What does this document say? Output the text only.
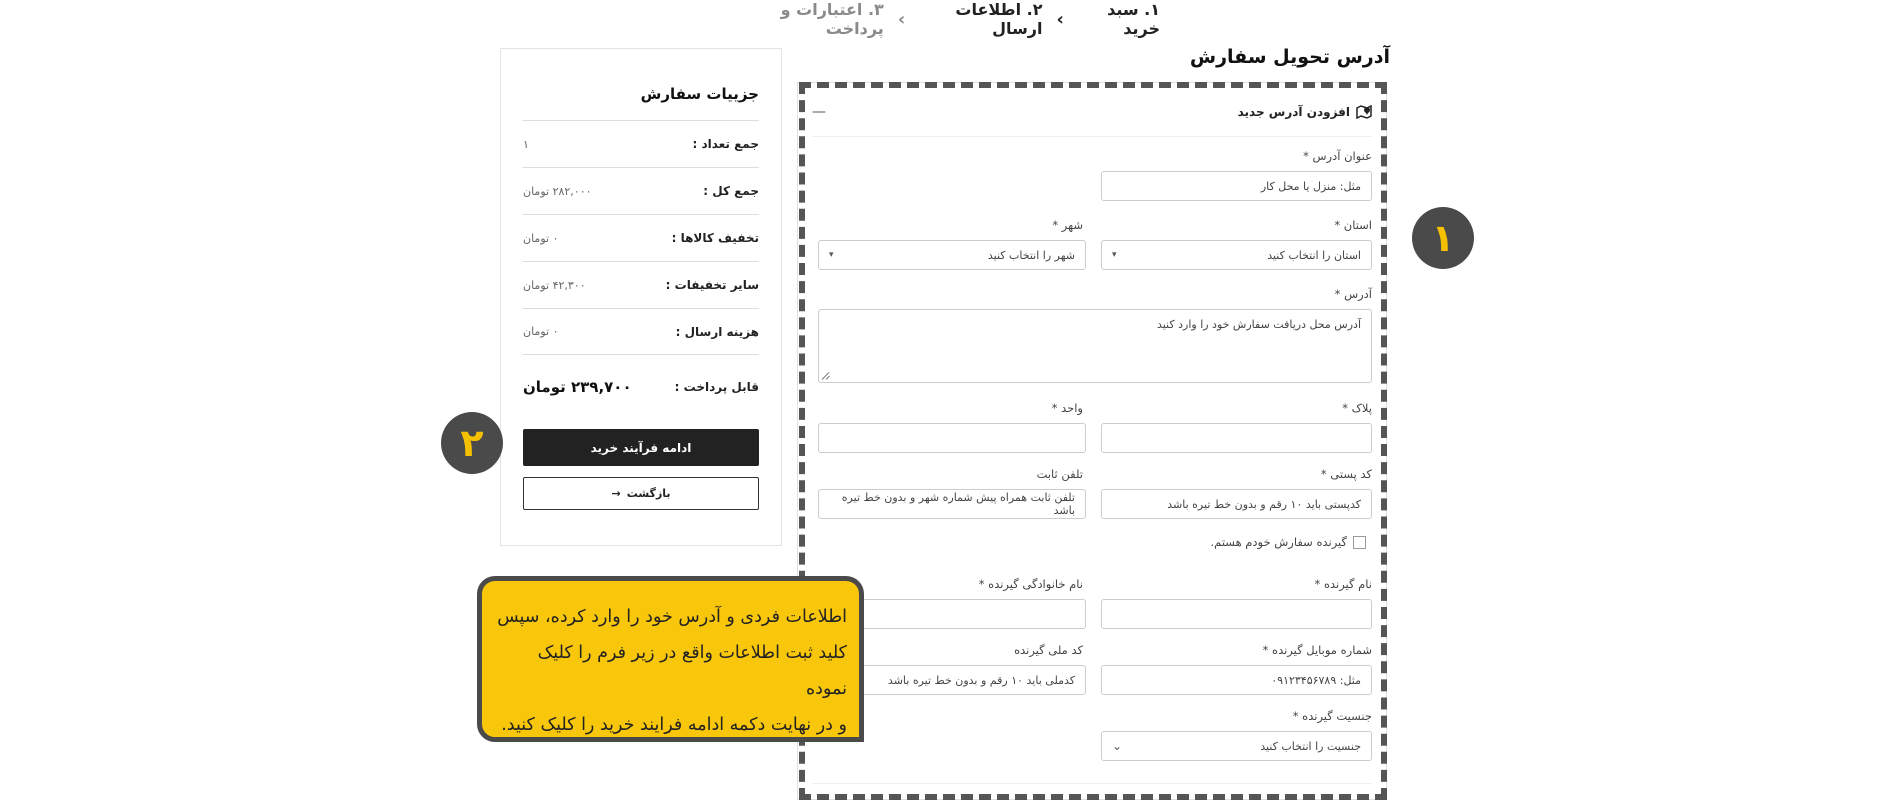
۱. سبد خرید
›
۲. اطلاعات ارسال
›
۳. اعتبارات و پرداخت
آدرس تحویل سفارش
افزودن آدرس جدید
—
عنوان آدرس *
مثل: منزل یا محل کار
استان *
استان را انتخاب کنید
▾
شهر *
شهر را انتخاب کنید
▾
آدرس *
آدرس محل دریافت سفارش خود را وارد کنید
پلاک *
واحد *
کد پستی *
کدپستی باید ۱۰ رقم و بدون خط تیره باشد
تلفن ثابت
تلفن ثابت همراه پیش شماره شهر و بدون خط تیره باشد
گیرنده سفارش خودم هستم.
نام گیرنده *
نام خانوادگی گیرنده *
شماره موبایل گیرنده *
مثل: ۰۹۱۲۳۴۵۶۷۸۹
کد ملی گیرنده
کدملی باید ۱۰ رقم و بدون خط تیره باشد
جنسیت گیرنده *
جنسیت را انتخاب کنید
⌄
جزییات سفارش
جمع تعداد :
۱
جمع کل :
۲۸۲,۰۰۰ تومان
تخفیف کالاها :
۰ تومان
سایر تخفیفات :
۴۲,۳۰۰ تومان
هزینه ارسال :
۰ تومان
قابل پرداخت :
۲۳۹,۷۰۰ تومان
ادامه فرآیند خرید
بازگشت
→
۱
۲
اطلاعات فردی و آدرس خود را وارد کرده، سپس
کلید ثبت اطلاعات واقع در زیر فرم را کلیک نموده
و در نهایت دکمه ادامه فرایند خرید را کلیک کنید.
